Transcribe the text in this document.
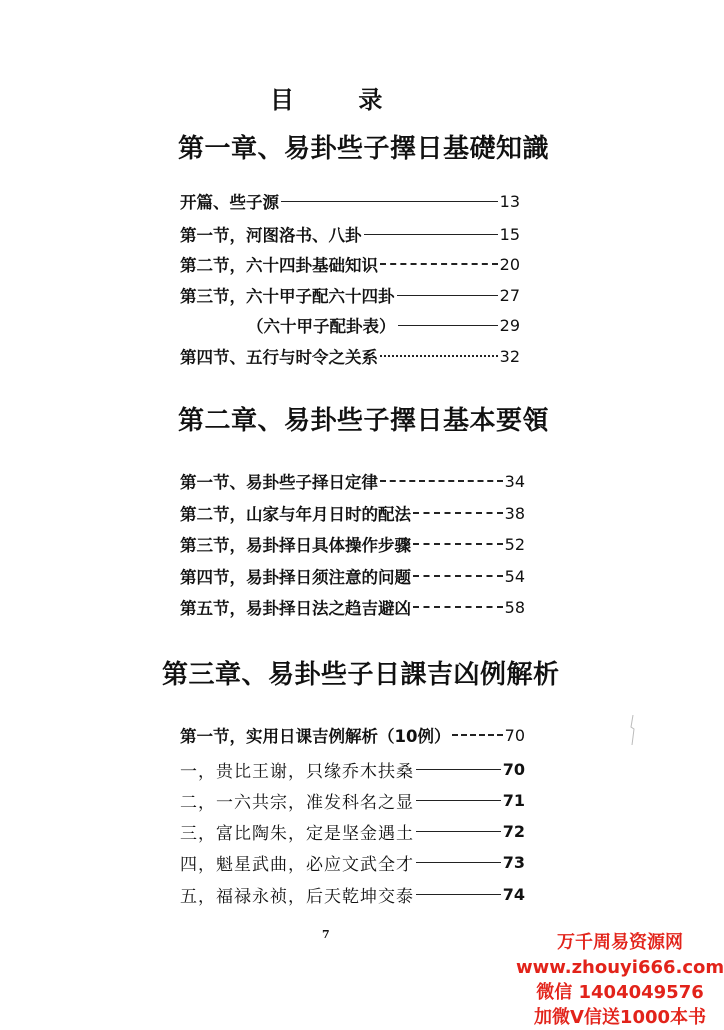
目 录
第一章、易卦些子擇日基礎知識
开篇、些子源	13
第一节，河图洛书、八卦	15
第二节，六十四卦基础知识	20
第三节，六十甲子配六十四卦	27
（六十甲子配卦表）	29
第四节、五行与时令之关系	32
第二章、易卦些子擇日基本要領
第一节、易卦些子择日定律	34
第二节，山家与年月日时的配法	38
第三节，易卦择日具体操作步骤	52
第四节，易卦择日须注意的问题	54
第五节，易卦择日法之趋吉避凶	58
第三章、易卦些子日課吉凶例解析
第一节，实用日课吉例解析（10例）	70
一，贵比王谢，只缘乔木扶桑	70
二，一六共宗，准发科名之显	71
三，富比陶朱，定是坚金遇土	72
四，魁星武曲，必应文武全才	73
五，福禄永祯，后天乾坤交泰	74
7	万千周易资源网
www.zhouyi666.com
微信 1404049576
加微V信送1000本书
